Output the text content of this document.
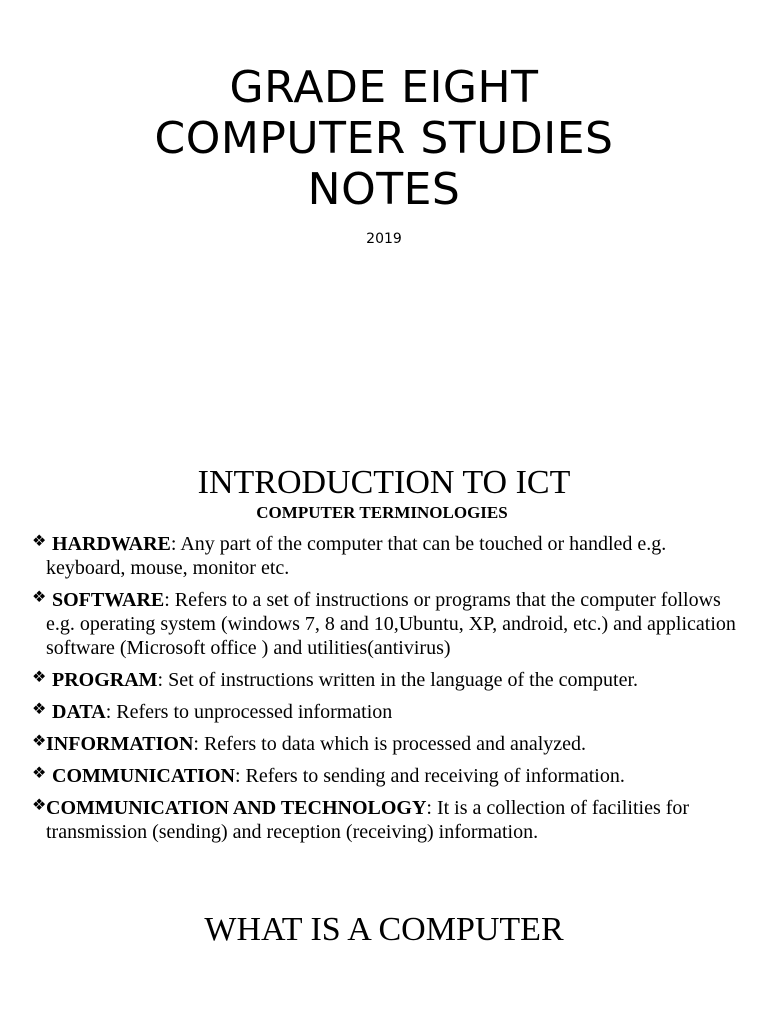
GRADE EIGHT
COMPUTER STUDIES
NOTES
2019
INTRODUCTION TO ICT
COMPUTER TERMINOLOGIES
❖ HARDWARE: Any part of the computer that can be touched or handled e.g. keyboard, mouse, monitor etc.
❖ SOFTWARE: Refers to a set of instructions or programs that the computer follows e.g. operating system (windows 7, 8 and 10,Ubuntu, XP, android, etc.) and application software (Microsoft office ) and utilities(antivirus)
❖ PROGRAM: Set of instructions written in the language of the computer.
❖ DATA: Refers to unprocessed information
❖ INFORMATION: Refers to data which is processed and analyzed.
❖ COMMUNICATION: Refers to sending and receiving of information.
❖ COMMUNICATION AND TECHNOLOGY: It is a collection of facilities for transmission (sending) and reception (receiving) information.
WHAT IS A COMPUTER
